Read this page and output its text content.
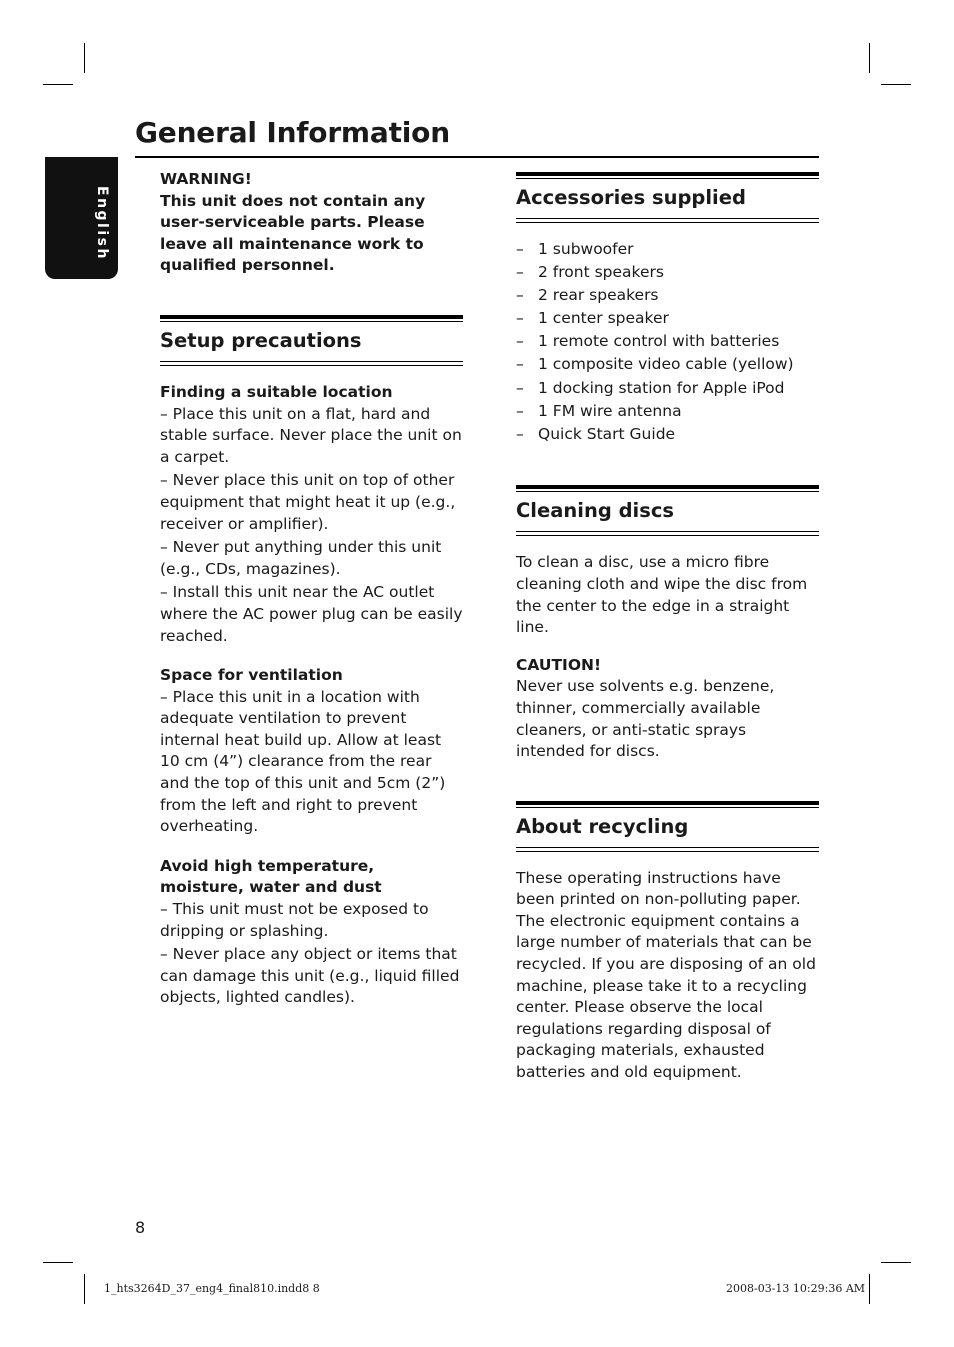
General Information
English

WARNING!

This unit does not contain any user-serviceable parts. Please leave all maintenance work to qualified personnel.

Setup precautions

Finding a suitable location

– Place this unit on a flat, hard and stable surface. Never place the unit on a carpet.

– Never place this unit on top of other equipment that might heat it up (e.g., receiver or amplifier).

– Never put anything under this unit (e.g., CDs, magazines).

– Install this unit near the AC outlet where the AC power plug can be easily reached.

Space for ventilation

– Place this unit in a location with adequate ventilation to prevent internal heat build up. Allow at least 10 cm (4”) clearance from the rear and the top of this unit and 5cm (2”) from the left and right to prevent overheating.

Avoid high temperature, moisture, water and dust

– This unit must not be exposed to dripping or splashing.

– Never place any object or items that can damage this unit (e.g., liquid filled objects, lighted candles).

Accessories supplied
– 1 subwoofer
– 2 front speakers
– 2 rear speakers
– 1 center speaker
– 1 remote control with batteries
– 1 composite video cable (yellow)
– 1 docking station for Apple iPod
– 1 FM wire antenna
– Quick Start Guide
Cleaning discs

To clean a disc, use a micro fibre cleaning cloth and wipe the disc from the center to the edge in a straight line.

CAUTION!

Never use solvents e.g. benzene, thinner, commercially available cleaners, or anti-static sprays intended for discs.

About recycling

These operating instructions have been printed on non-polluting paper. The electronic equipment contains a large number of materials that can be recycled. If you are disposing of an old machine, please take it to a recycling center. Please observe the local regulations regarding disposal of packaging materials, exhausted batteries and old equipment.

8
1_hts3264D_37_eng4_final810.indd8 8	2008-03-13 10:29:36 AM
